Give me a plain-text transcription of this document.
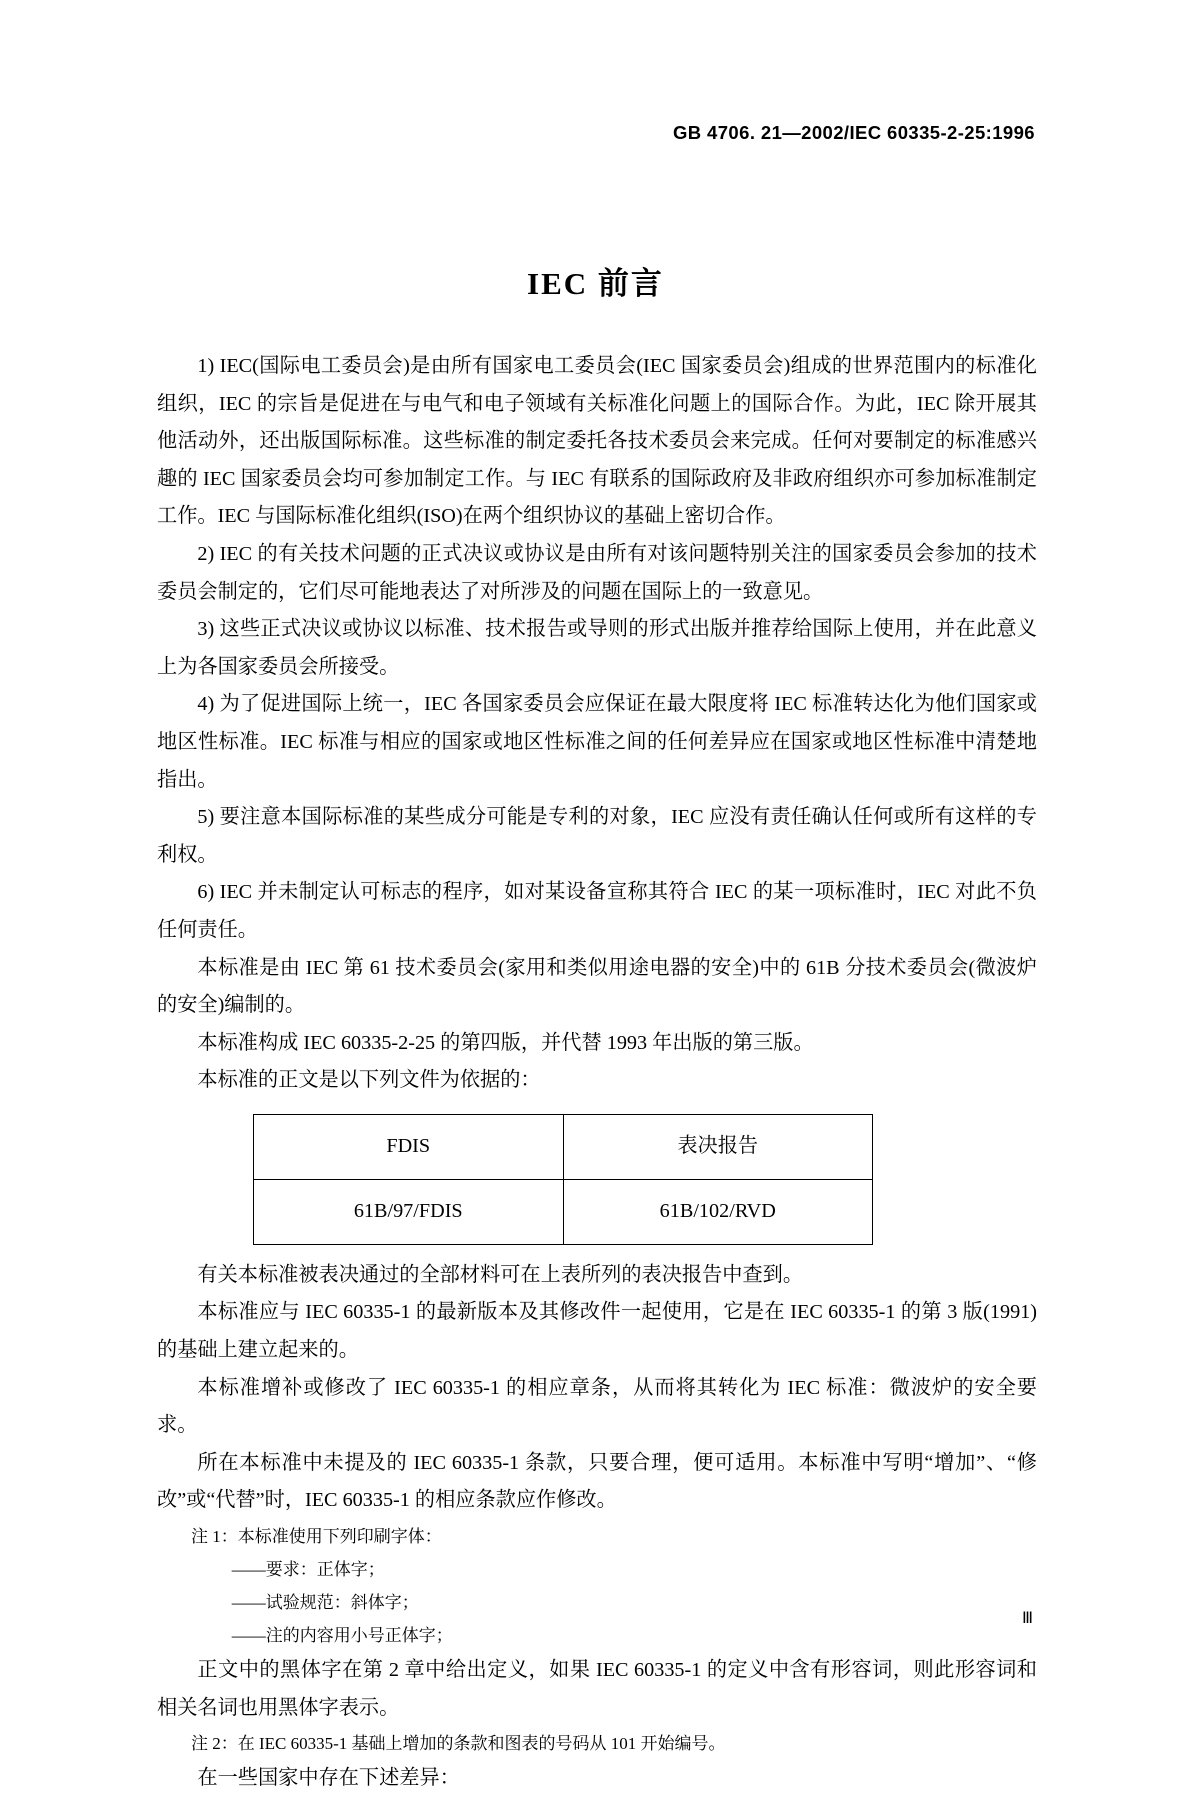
GB 4706. 21—2002/IEC 60335-2-25:1996
IEC 前言

1) IEC(国际电工委员会)是由所有国家电工委员会(IEC 国家委员会)组成的世界范围内的标准化组织，IEC 的宗旨是促进在与电气和电子领域有关标准化问题上的国际合作。为此，IEC 除开展其他活动外，还出版国际标准。这些标准的制定委托各技术委员会来完成。任何对要制定的标准感兴趣的 IEC 国家委员会均可参加制定工作。与 IEC 有联系的国际政府及非政府组织亦可参加标准制定工作。IEC 与国际标准化组织(ISO)在两个组织协议的基础上密切合作。

2) IEC 的有关技术问题的正式决议或协议是由所有对该问题特别关注的国家委员会参加的技术委员会制定的，它们尽可能地表达了对所涉及的问题在国际上的一致意见。

3) 这些正式决议或协议以标准、技术报告或导则的形式出版并推荐给国际上使用，并在此意义上为各国家委员会所接受。

4) 为了促进国际上统一，IEC 各国家委员会应保证在最大限度将 IEC 标准转达化为他们国家或地区性标准。IEC 标准与相应的国家或地区性标准之间的任何差异应在国家或地区性标准中清楚地指出。

5) 要注意本国际标准的某些成分可能是专利的对象，IEC 应没有责任确认任何或所有这样的专利权。

6) IEC 并未制定认可标志的程序，如对某设备宣称其符合 IEC 的某一项标准时，IEC 对此不负任何责任。

本标准是由 IEC 第 61 技术委员会(家用和类似用途电器的安全)中的 61B 分技术委员会(微波炉的安全)编制的。

本标准构成 IEC 60335-2-25 的第四版，并代替 1993 年出版的第三版。

本标准的正文是以下列文件为依据的：

FDIS	表决报告
61B/97/FDIS	61B/102/RVD

有关本标准被表决通过的全部材料可在上表所列的表决报告中查到。

本标准应与 IEC 60335-1 的最新版本及其修改件一起使用，它是在 IEC 60335-1 的第 3 版(1991)的基础上建立起来的。

本标准增补或修改了 IEC 60335-1 的相应章条，从而将其转化为 IEC 标准：微波炉的安全要求。

所在本标准中未提及的 IEC 60335-1 条款，只要合理，便可适用。本标准中写明“增加”、“修改”或“代替”时，IEC 60335-1 的相应条款应作修改。

注 1：本标准使用下列印刷字体：

——要求：正体字；

——试验规范：斜体字；

——注的内容用小号正体字；

正文中的黑体字在第 2 章中给出定义，如果 IEC 60335-1 的定义中含有形容词，则此形容词和相关名词也用黑体字表示。

注 2：在 IEC 60335-1 基础上增加的条款和图表的号码从 101 开始编号。

在一些国家中存在下述差异：

Ⅲ
